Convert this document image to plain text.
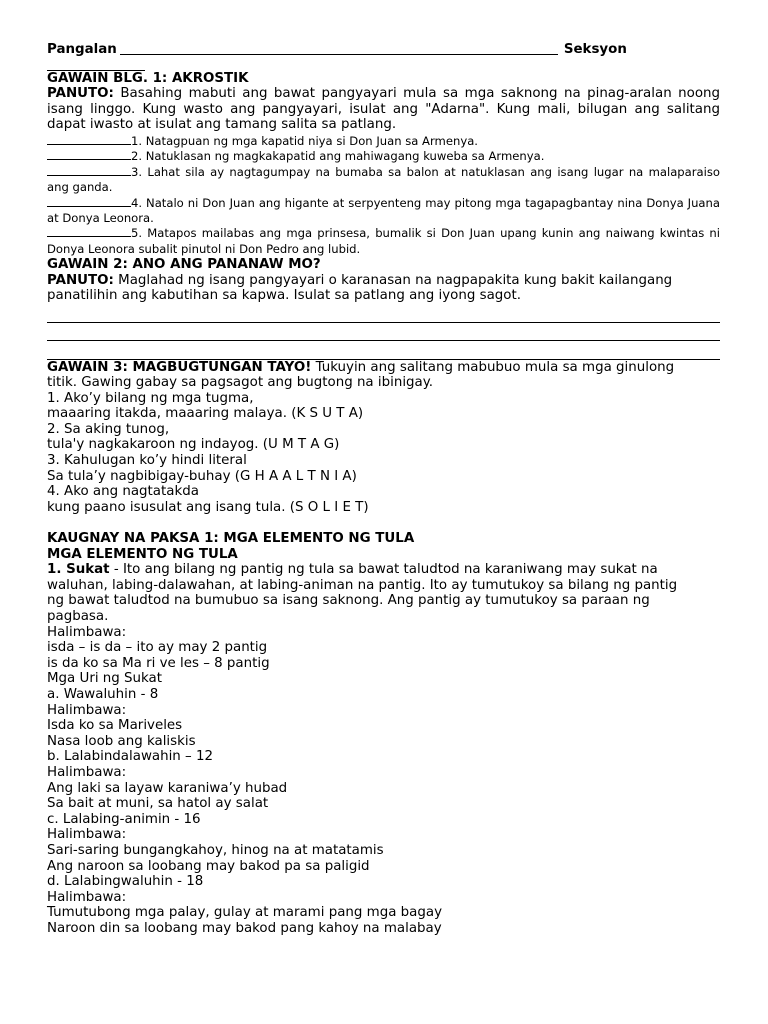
Pangalan	Seksyon
GAWAIN BLG. 1: AKROSTIK
PANUTO: Basahing mabuti ang bawat pangyayari mula sa mga saknong na pinag-aralan noong isang linggo. Kung wasto ang pangyayari, isulat ang "Adarna". Kung mali, bilugan ang salitang dapat iwasto at isulat ang tamang salita sa patlang.
1. Natagpuan ng mga kapatid niya si Don Juan sa Armenya.
2. Natuklasan ng magkakapatid ang mahiwagang kuweba sa Armenya.
3. Lahat sila ay nagtagumpay na bumaba sa balon at natuklasan ang isang lugar na malaparaiso ang ganda.
4. Natalo ni Don Juan ang higante at serpyenteng may pitong mga tagapagbantay nina Donya Juana at Donya Leonora.
5. Matapos mailabas ang mga prinsesa, bumalik si Don Juan upang kunin ang naiwang kwintas ni Donya Leonora subalit pinutol ni Don Pedro ang lubid.
GAWAIN 2: ANO ANG PANANAW MO?
PANUTO: Maglahad ng isang pangyayari o karanasan na nagpapakita kung bakit kailangang
panatilihin ang kabutihan sa kapwa. Isulat sa patlang ang iyong sagot.
GAWAIN 3: MAGBUGTUNGAN TAYO! Tukuyin ang salitang mabubuo mula sa mga ginulong
titik. Gawing gabay sa pagsagot ang bugtong na ibinigay.
1. Ako’y bilang ng mga tugma,
maaaring itakda, maaaring malaya. (K S U T A)
2. Sa aking tunog,
tula'y nagkakaroon ng indayog. (U M T A G)
3. Kahulugan ko’y hindi literal
Sa tula’y nagbibigay-buhay (G H A A L T N I A)
4. Ako ang nagtatakda
kung paano isusulat ang isang tula. (S O L I E T)
KAUGNAY NA PAKSA 1: MGA ELEMENTO NG TULA
MGA ELEMENTO NG TULA
1. Sukat - Ito ang bilang ng pantig ng tula sa bawat taludtod na karaniwang may sukat na
waluhan, labing-dalawahan, at labing-animan na pantig. Ito ay tumutukoy sa bilang ng pantig
ng bawat taludtod na bumubuo sa isang saknong. Ang pantig ay tumutukoy sa paraan ng
pagbasa.
Halimbawa:
isda – is da – ito ay may 2 pantig
is da ko sa Ma ri ve les – 8 pantig
Mga Uri ng Sukat
a. Wawaluhin - 8
Halimbawa:
Isda ko sa Mariveles
Nasa loob ang kaliskis
b. Lalabindalawahin – 12
Halimbawa:
Ang laki sa layaw karaniwa’y hubad
Sa bait at muni, sa hatol ay salat
c. Lalabing-animin - 16
Halimbawa:
Sari-saring bungangkahoy, hinog na at matatamis
Ang naroon sa loobang may bakod pa sa paligid
d. Lalabingwaluhin - 18
Halimbawa:
Tumutubong mga palay, gulay at marami pang mga bagay
Naroon din sa loobang may bakod pang kahoy na malabay
